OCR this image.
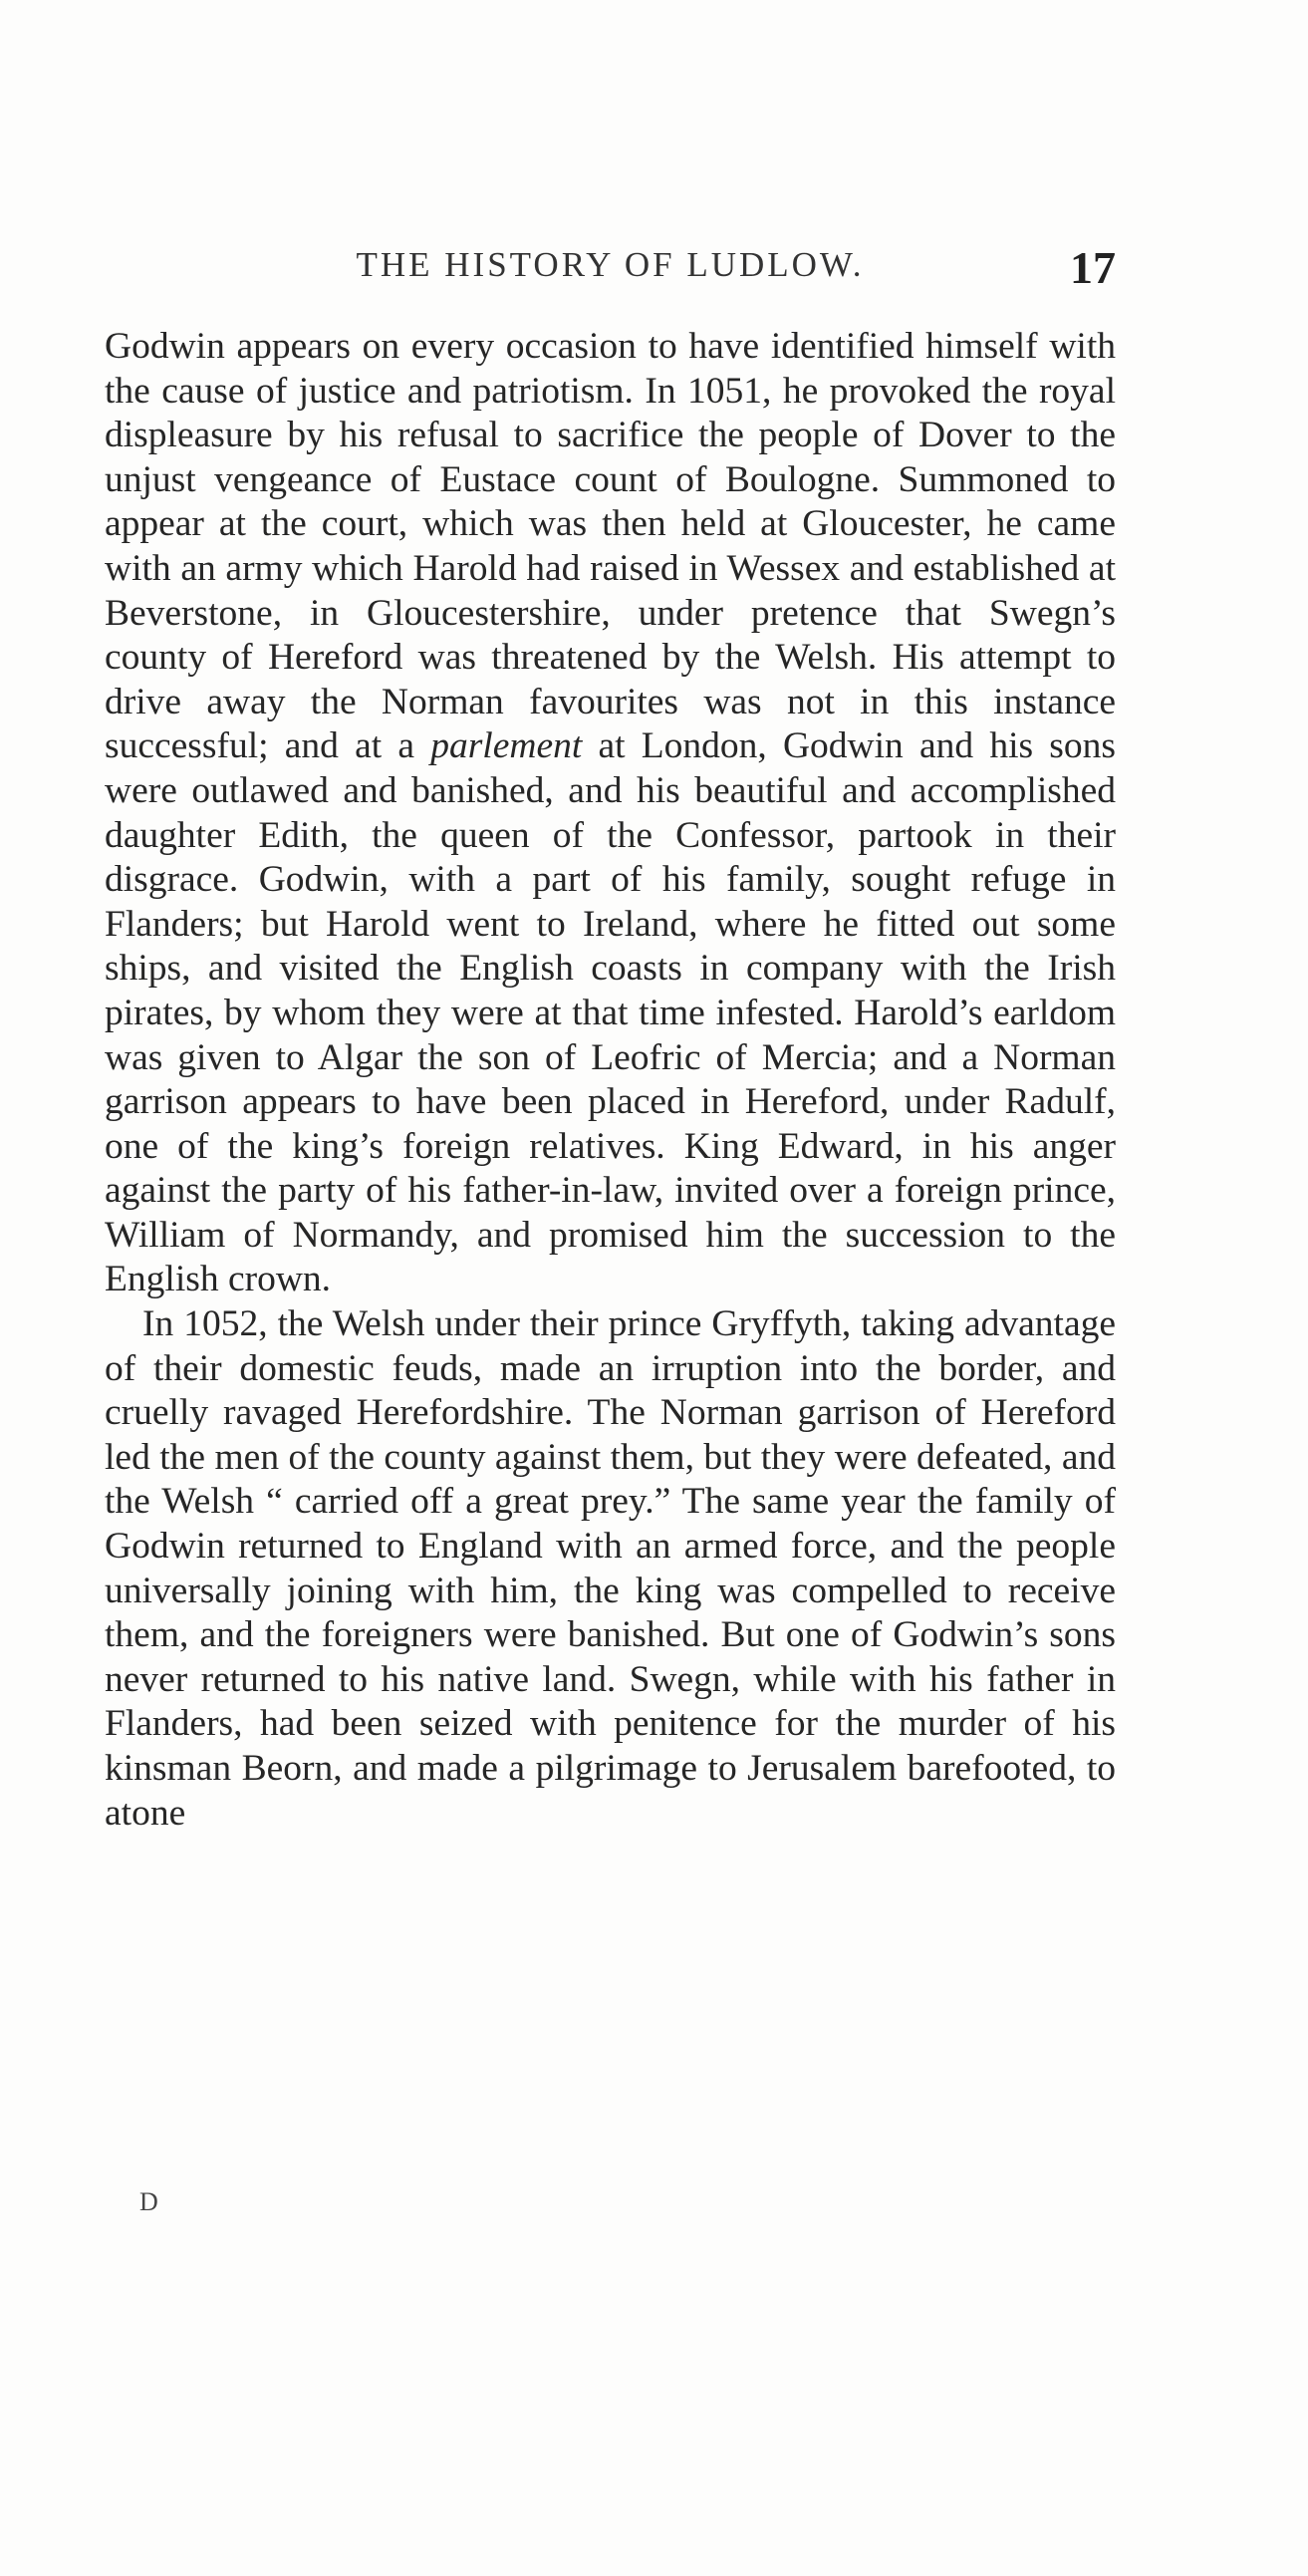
THE HISTORY OF LUDLOW.	17

Godwin appears on every occasion to have identified himself with the cause of justice and patriotism. In 1051, he provoked the royal displeasure by his refusal to sacrifice the people of Dover to the unjust vengeance of Eustace count of Boulogne. Summoned to appear at the court, which was then held at Gloucester, he came with an army which Harold had raised in Wessex and established at Beverstone, in Gloucestershire, under pretence that Swegn’s county of Hereford was threatened by the Welsh. His attempt to drive away the Norman favourites was not in this instance successful; and at a parlement at London, Godwin and his sons were outlawed and banished, and his beautiful and accomplished daughter Edith, the queen of the Confessor, partook in their disgrace. Godwin, with a part of his family, sought refuge in Flanders; but Harold went to Ireland, where he fitted out some ships, and visited the English coasts in company with the Irish pirates, by whom they were at that time infested. Harold’s earldom was given to Algar the son of Leofric of Mercia; and a Norman garrison appears to have been placed in Hereford, under Radulf, one of the king’s foreign relatives. King Edward, in his anger against the party of his father-in-law, invited over a foreign prince, William of Normandy, and promised him the succession to the English crown.

In 1052, the Welsh under their prince Gryffyth, taking advantage of their domestic feuds, made an irruption into the border, and cruelly ravaged Herefordshire. The Norman garrison of Hereford led the men of the county against them, but they were defeated, and the Welsh “ carried off a great prey.” The same year the family of Godwin returned to England with an armed force, and the people universally joining with him, the king was compelled to receive them, and the foreigners were banished. But one of Godwin’s sons never returned to his native land. Swegn, while with his father in Flanders, had been seized with penitence for the murder of his kinsman Beorn, and made a pilgrimage to Jerusalem barefooted, to atone

D
